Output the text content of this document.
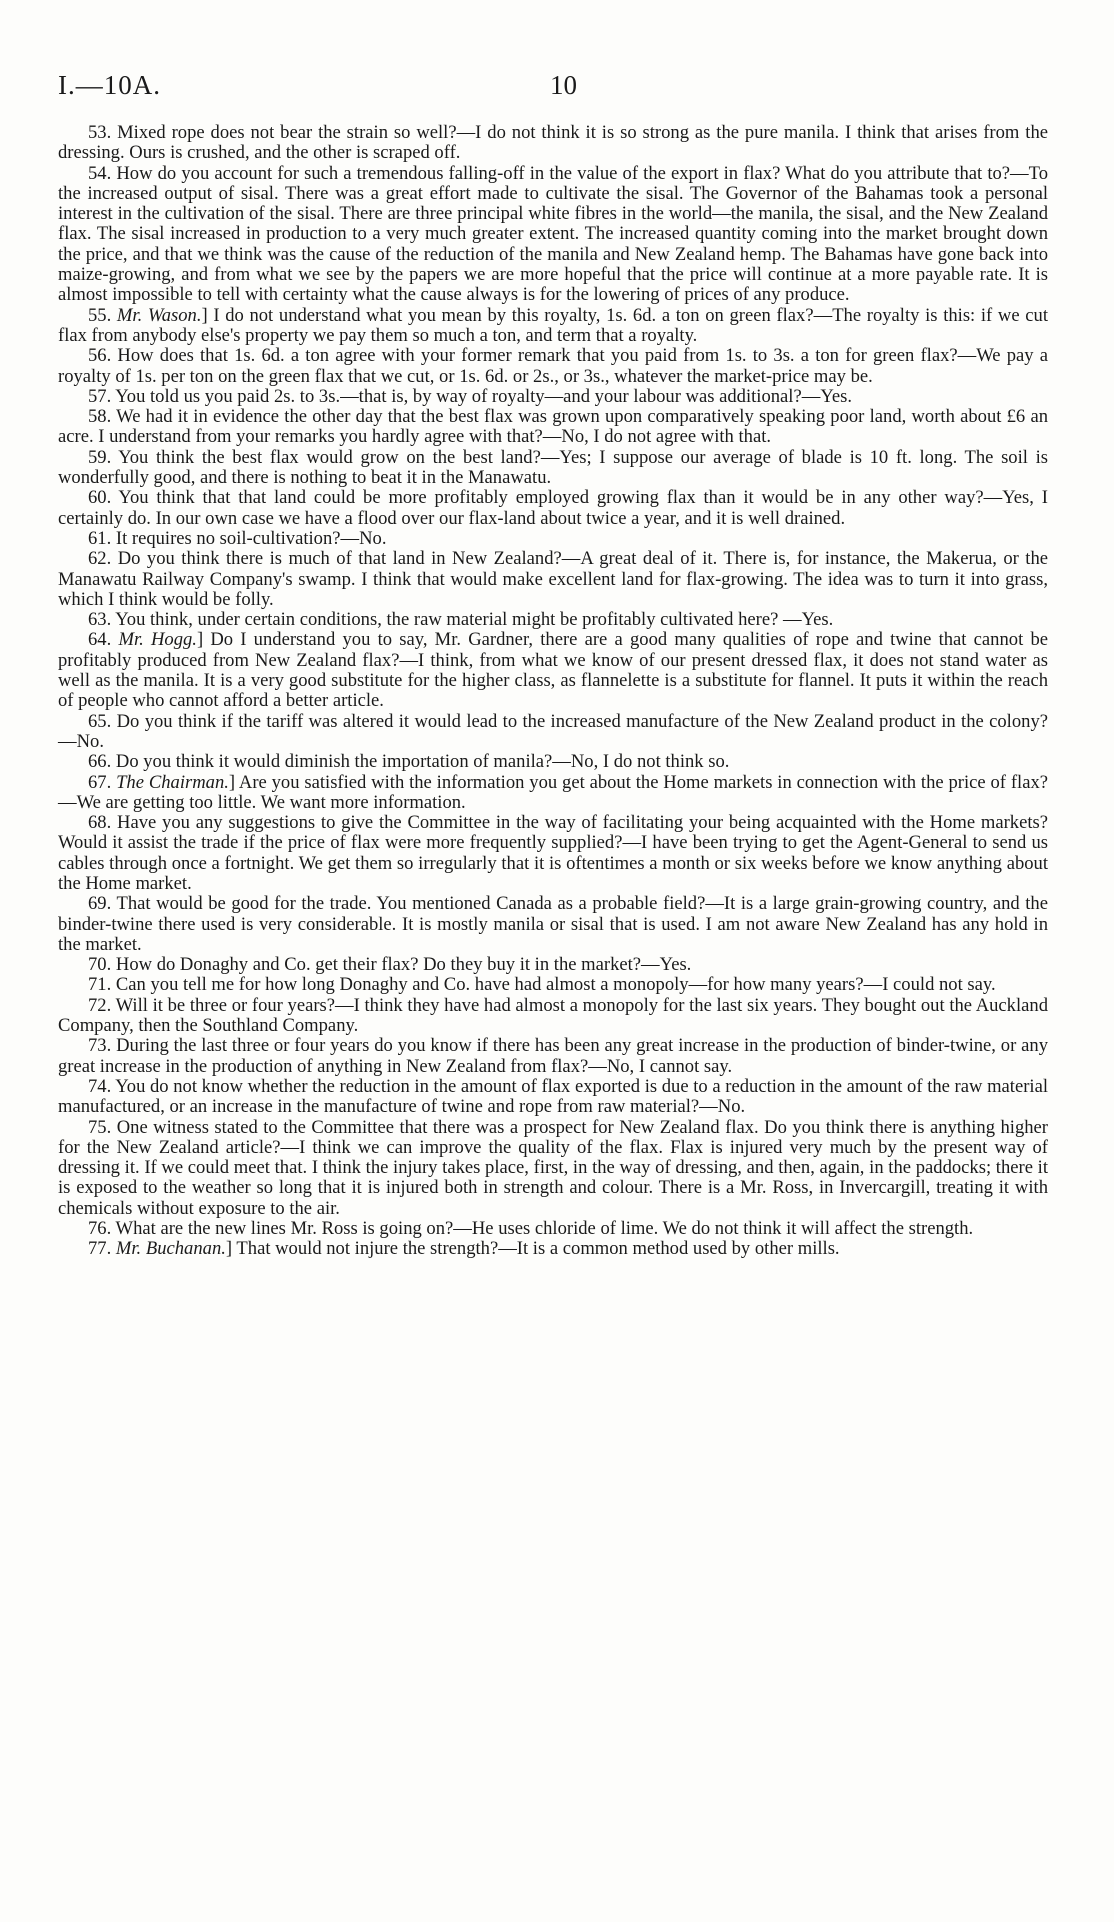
I.—10A.	10

53. Mixed rope does not bear the strain so well?—I do not think it is so strong as the pure manila. I think that arises from the dressing. Ours is crushed, and the other is scraped off.

54. How do you account for such a tremendous falling-off in the value of the export in flax? What do you attribute that to?—To the increased output of sisal. There was a great effort made to cultivate the sisal. The Governor of the Bahamas took a personal interest in the cultivation of the sisal. There are three principal white fibres in the world—the manila, the sisal, and the New Zealand flax. The sisal increased in production to a very much greater extent. The increased quantity coming into the market brought down the price, and that we think was the cause of the reduction of the manila and New Zealand hemp. The Bahamas have gone back into maize-growing, and from what we see by the papers we are more hopeful that the price will continue at a more payable rate. It is almost impossible to tell with certainty what the cause always is for the lowering of prices of any produce.

55. Mr. Wason.] I do not understand what you mean by this royalty, 1s. 6d. a ton on green flax?—The royalty is this: if we cut flax from anybody else's property we pay them so much a ton, and term that a royalty.

56. How does that 1s. 6d. a ton agree with your former remark that you paid from 1s. to 3s. a ton for green flax?—We pay a royalty of 1s. per ton on the green flax that we cut, or 1s. 6d. or 2s., or 3s., whatever the market-price may be.

57. You told us you paid 2s. to 3s.—that is, by way of royalty—and your labour was additional?—Yes.

58. We had it in evidence the other day that the best flax was grown upon comparatively speaking poor land, worth about £6 an acre. I understand from your remarks you hardly agree with that?—No, I do not agree with that.

59. You think the best flax would grow on the best land?—Yes; I suppose our average of blade is 10 ft. long. The soil is wonderfully good, and there is nothing to beat it in the Manawatu.

60. You think that that land could be more profitably employed growing flax than it would be in any other way?—Yes, I certainly do. In our own case we have a flood over our flax-land about twice a year, and it is well drained.

61. It requires no soil-cultivation?—No.

62. Do you think there is much of that land in New Zealand?—A great deal of it. There is, for instance, the Makerua, or the Manawatu Railway Company's swamp. I think that would make excellent land for flax-growing. The idea was to turn it into grass, which I think would be folly.

63. You think, under certain conditions, the raw material might be profitably cultivated here? —Yes.

64. Mr. Hogg.] Do I understand you to say, Mr. Gardner, there are a good many qualities of rope and twine that cannot be profitably produced from New Zealand flax?—I think, from what we know of our present dressed flax, it does not stand water as well as the manila. It is a very good substitute for the higher class, as flannelette is a substitute for flannel. It puts it within the reach of people who cannot afford a better article.

65. Do you think if the tariff was altered it would lead to the increased manufacture of the New Zealand product in the colony?—No.

66. Do you think it would diminish the importation of manila?—No, I do not think so.

67. The Chairman.] Are you satisfied with the information you get about the Home markets in connection with the price of flax?—We are getting too little. We want more information.

68. Have you any suggestions to give the Committee in the way of facilitating your being acquainted with the Home markets? Would it assist the trade if the price of flax were more frequently supplied?—I have been trying to get the Agent-General to send us cables through once a fortnight. We get them so irregularly that it is oftentimes a month or six weeks before we know anything about the Home market.

69. That would be good for the trade. You mentioned Canada as a probable field?—It is a large grain-growing country, and the binder-twine there used is very considerable. It is mostly manila or sisal that is used. I am not aware New Zealand has any hold in the market.

70. How do Donaghy and Co. get their flax? Do they buy it in the market?—Yes.

71. Can you tell me for how long Donaghy and Co. have had almost a monopoly—for how many years?—I could not say.

72. Will it be three or four years?—I think they have had almost a monopoly for the last six years. They bought out the Auckland Company, then the Southland Company.

73. During the last three or four years do you know if there has been any great increase in the production of binder-twine, or any great increase in the production of anything in New Zealand from flax?—No, I cannot say.

74. You do not know whether the reduction in the amount of flax exported is due to a reduction in the amount of the raw material manufactured, or an increase in the manufacture of twine and rope from raw material?—No.

75. One witness stated to the Committee that there was a prospect for New Zealand flax. Do you think there is anything higher for the New Zealand article?—I think we can improve the quality of the flax. Flax is injured very much by the present way of dressing it. If we could meet that. I think the injury takes place, first, in the way of dressing, and then, again, in the paddocks; there it is exposed to the weather so long that it is injured both in strength and colour. There is a Mr. Ross, in Invercargill, treating it with chemicals without exposure to the air.

76. What are the new lines Mr. Ross is going on?—He uses chloride of lime. We do not think it will affect the strength.

77. Mr. Buchanan.] That would not injure the strength?—It is a common method used by other mills.
